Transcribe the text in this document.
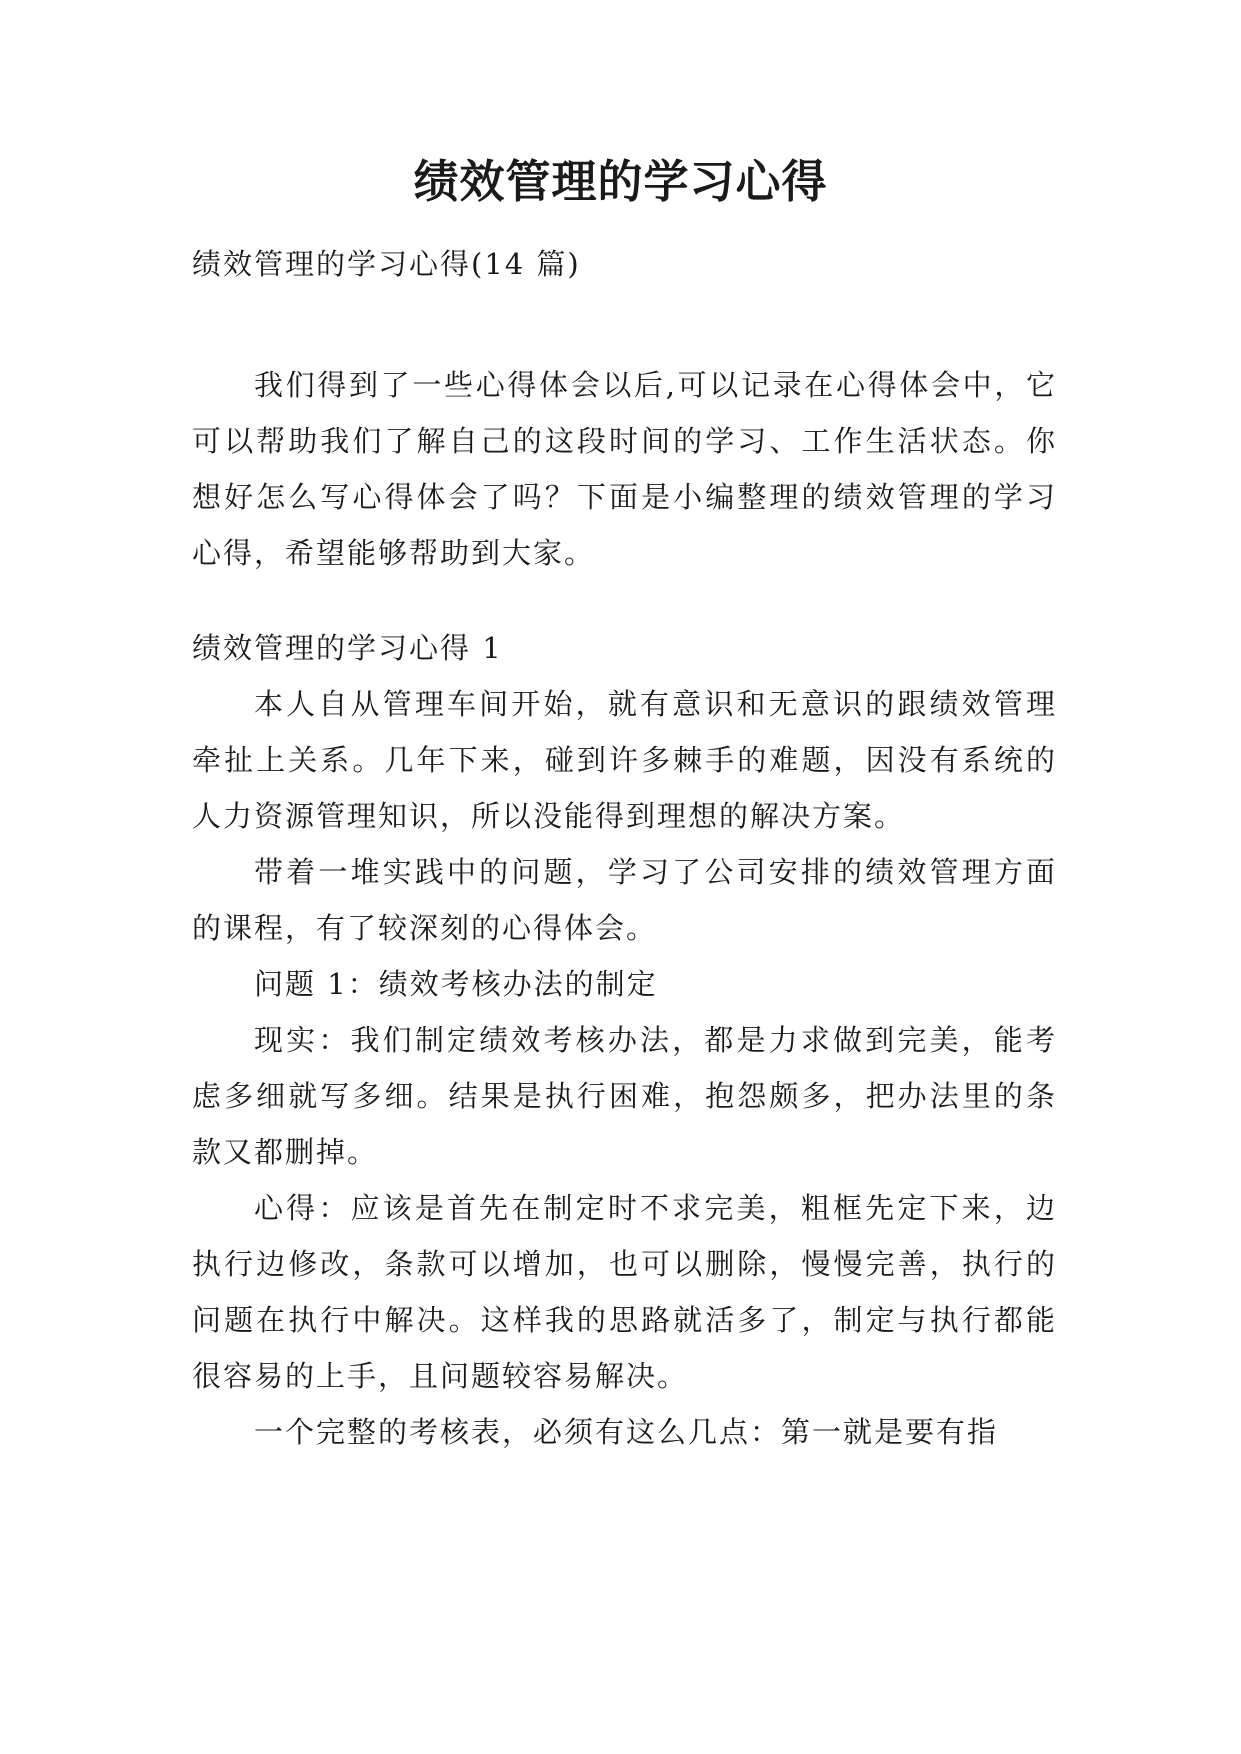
绩效管理的学习心得

绩效管理的学习心得(14 篇)

我们得到了一些心得体会以后,可以记录在心得体会中，它可以帮助我们了解自己的这段时间的学习、工作生活状态。你想好怎么写心得体会了吗？下面是小编整理的绩效管理的学习心得，希望能够帮助到大家。

绩效管理的学习心得 1

本人自从管理车间开始，就有意识和无意识的跟绩效管理牵扯上关系。几年下来，碰到许多棘手的难题，因没有系统的人力资源管理知识，所以没能得到理想的解决方案。

带着一堆实践中的问题，学习了公司安排的绩效管理方面的课程，有了较深刻的心得体会。

问题 1：绩效考核办法的制定

现实：我们制定绩效考核办法，都是力求做到完美，能考虑多细就写多细。结果是执行困难，抱怨颇多，把办法里的条款又都删掉。

心得：应该是首先在制定时不求完美，粗框先定下来，边执行边修改，条款可以增加，也可以删除，慢慢完善，执行的问题在执行中解决。这样我的思路就活多了，制定与执行都能很容易的上手，且问题较容易解决。

一个完整的考核表，必须有这么几点：第一就是要有指
